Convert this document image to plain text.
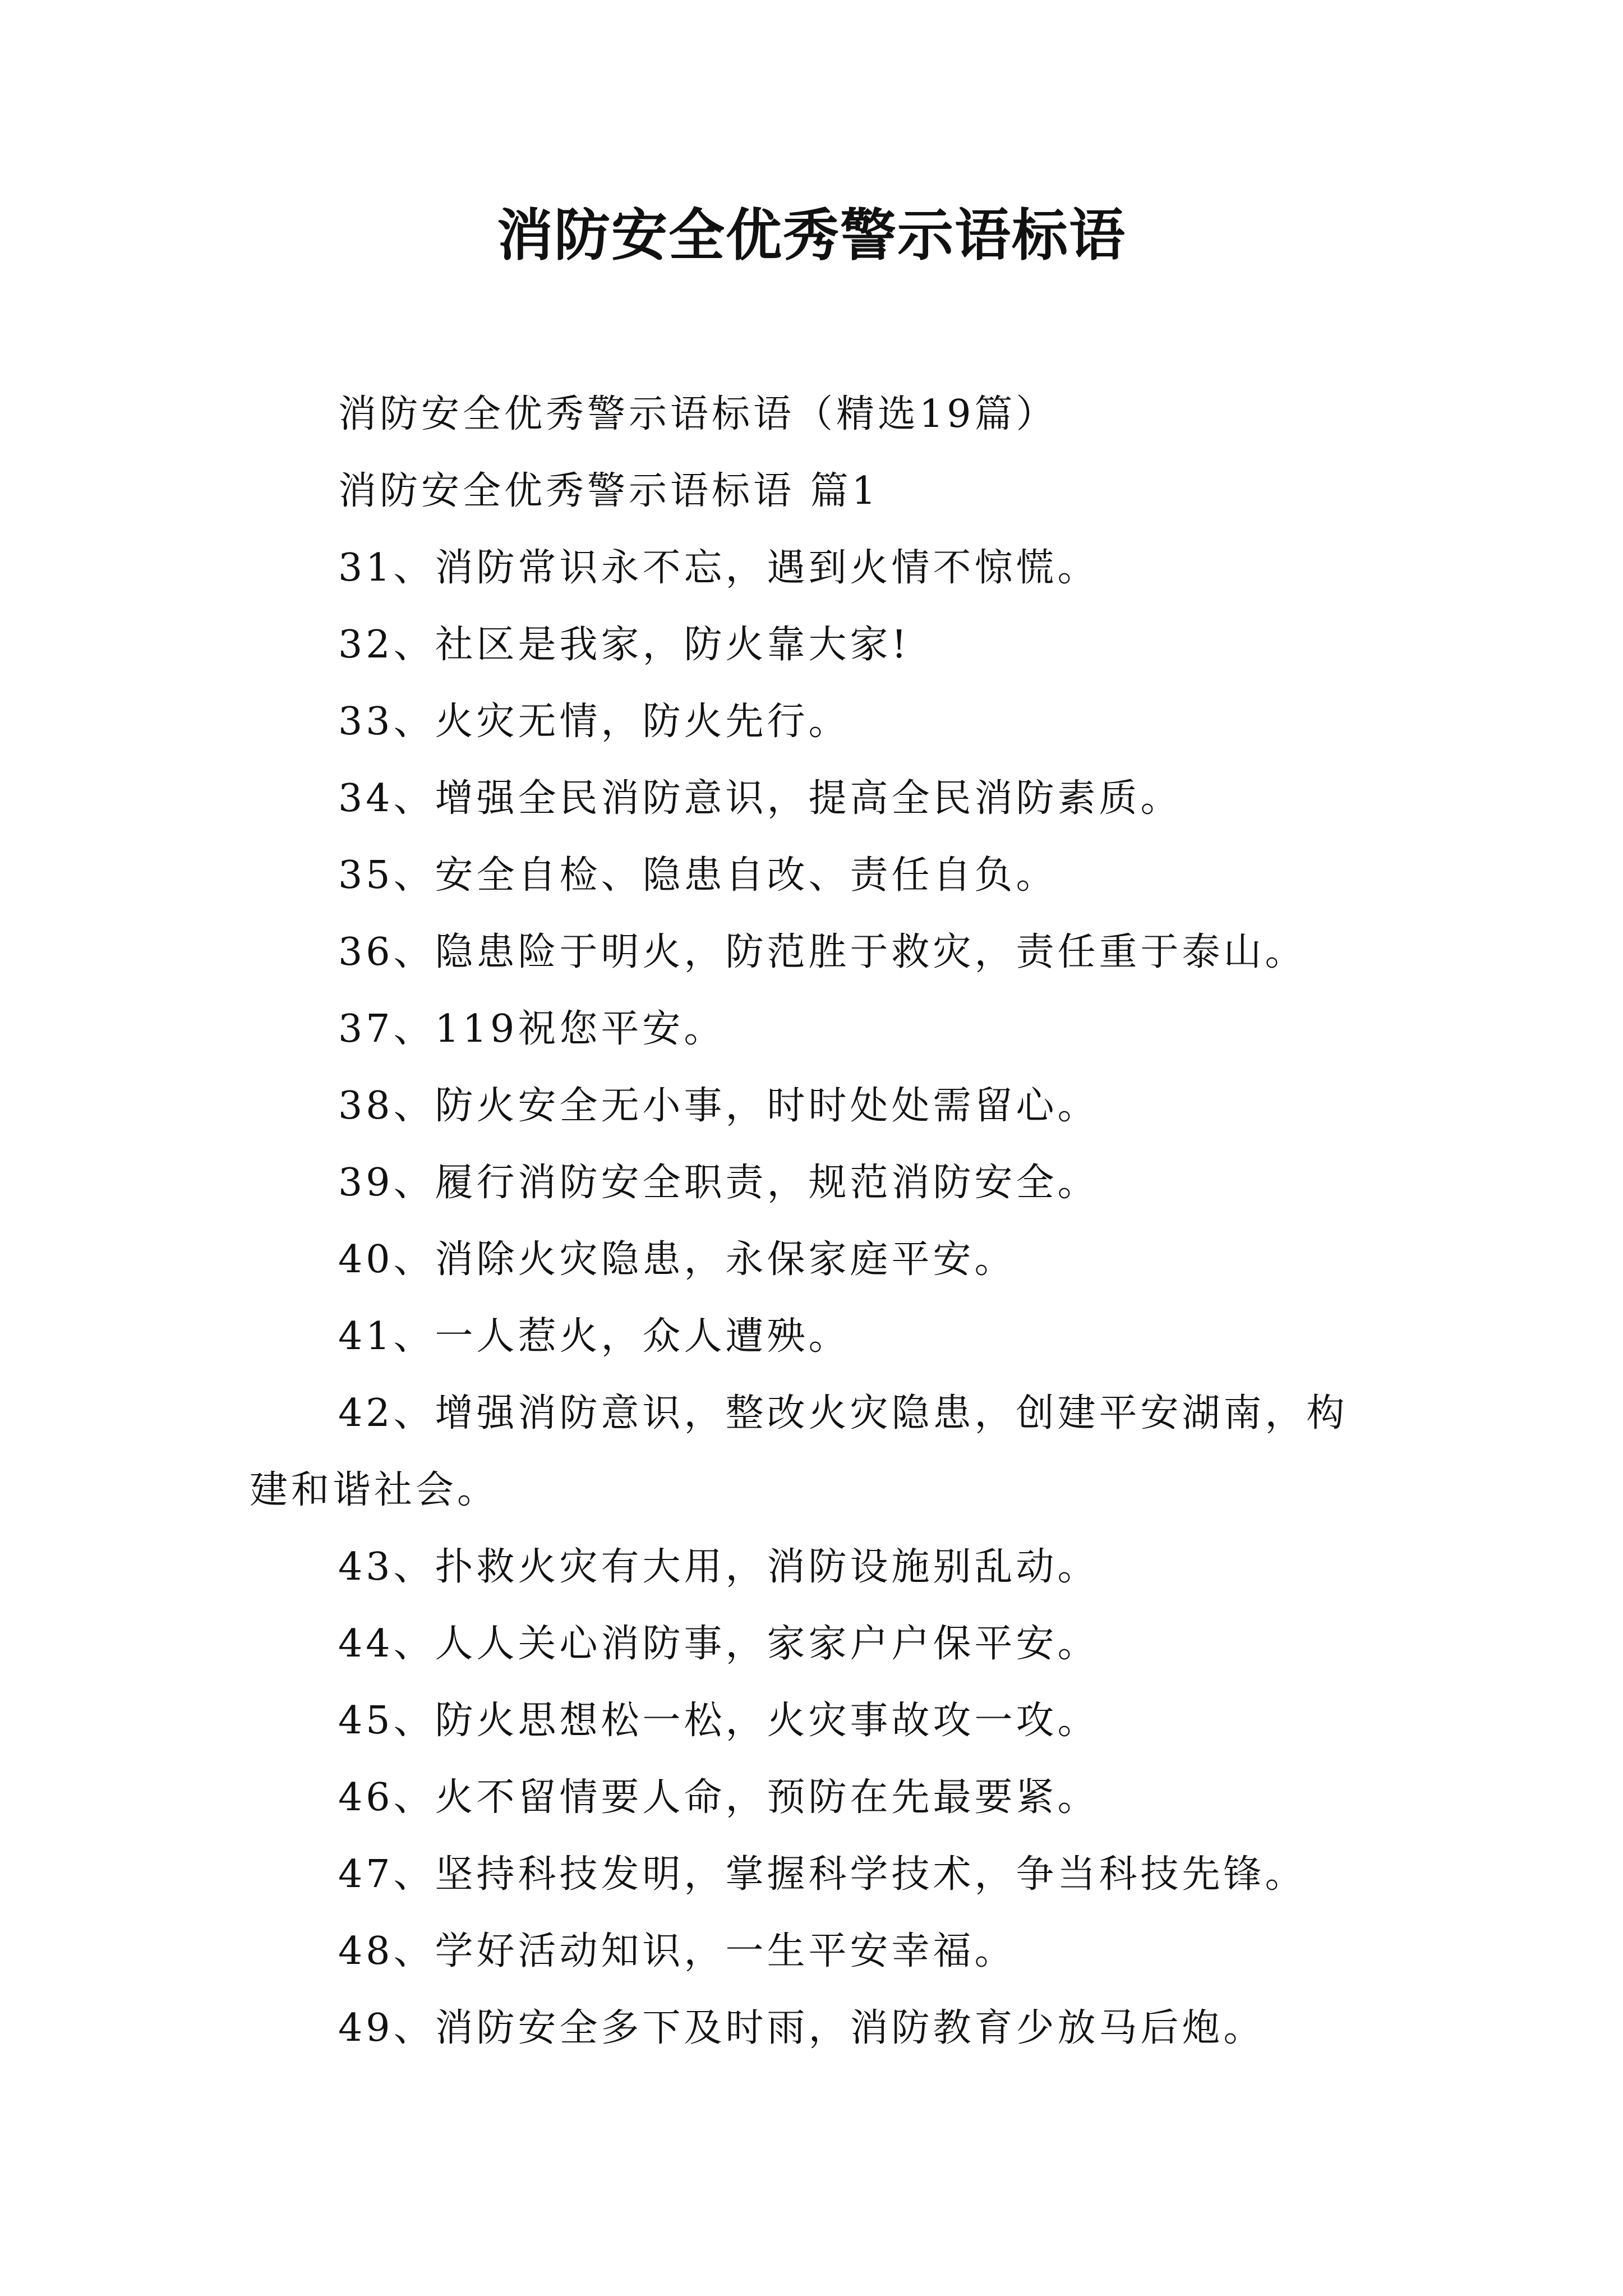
消防安全优秀警示语标语

消防安全优秀警示语标语（精选19篇）

消防安全优秀警示语标语 篇1

31、消防常识永不忘，遇到火情不惊慌。

32、社区是我家，防火靠大家!

33、火灾无情，防火先行。

34、增强全民消防意识，提高全民消防素质。

35、安全自检、隐患自改、责任自负。

36、隐患险于明火，防范胜于救灾，责任重于泰山。

37、119祝您平安。

38、防火安全无小事，时时处处需留心。

39、履行消防安全职责，规范消防安全。

40、消除火灾隐患，永保家庭平安。

41、一人惹火，众人遭殃。

42、增强消防意识，整改火灾隐患，创建平安湖南，构建和谐社会。

43、扑救火灾有大用，消防设施别乱动。

44、人人关心消防事，家家户户保平安。

45、防火思想松一松，火灾事故攻一攻。

46、火不留情要人命，预防在先最要紧。

47、坚持科技发明，掌握科学技术，争当科技先锋。

48、学好活动知识，一生平安幸福。

49、消防安全多下及时雨，消防教育少放马后炮。
